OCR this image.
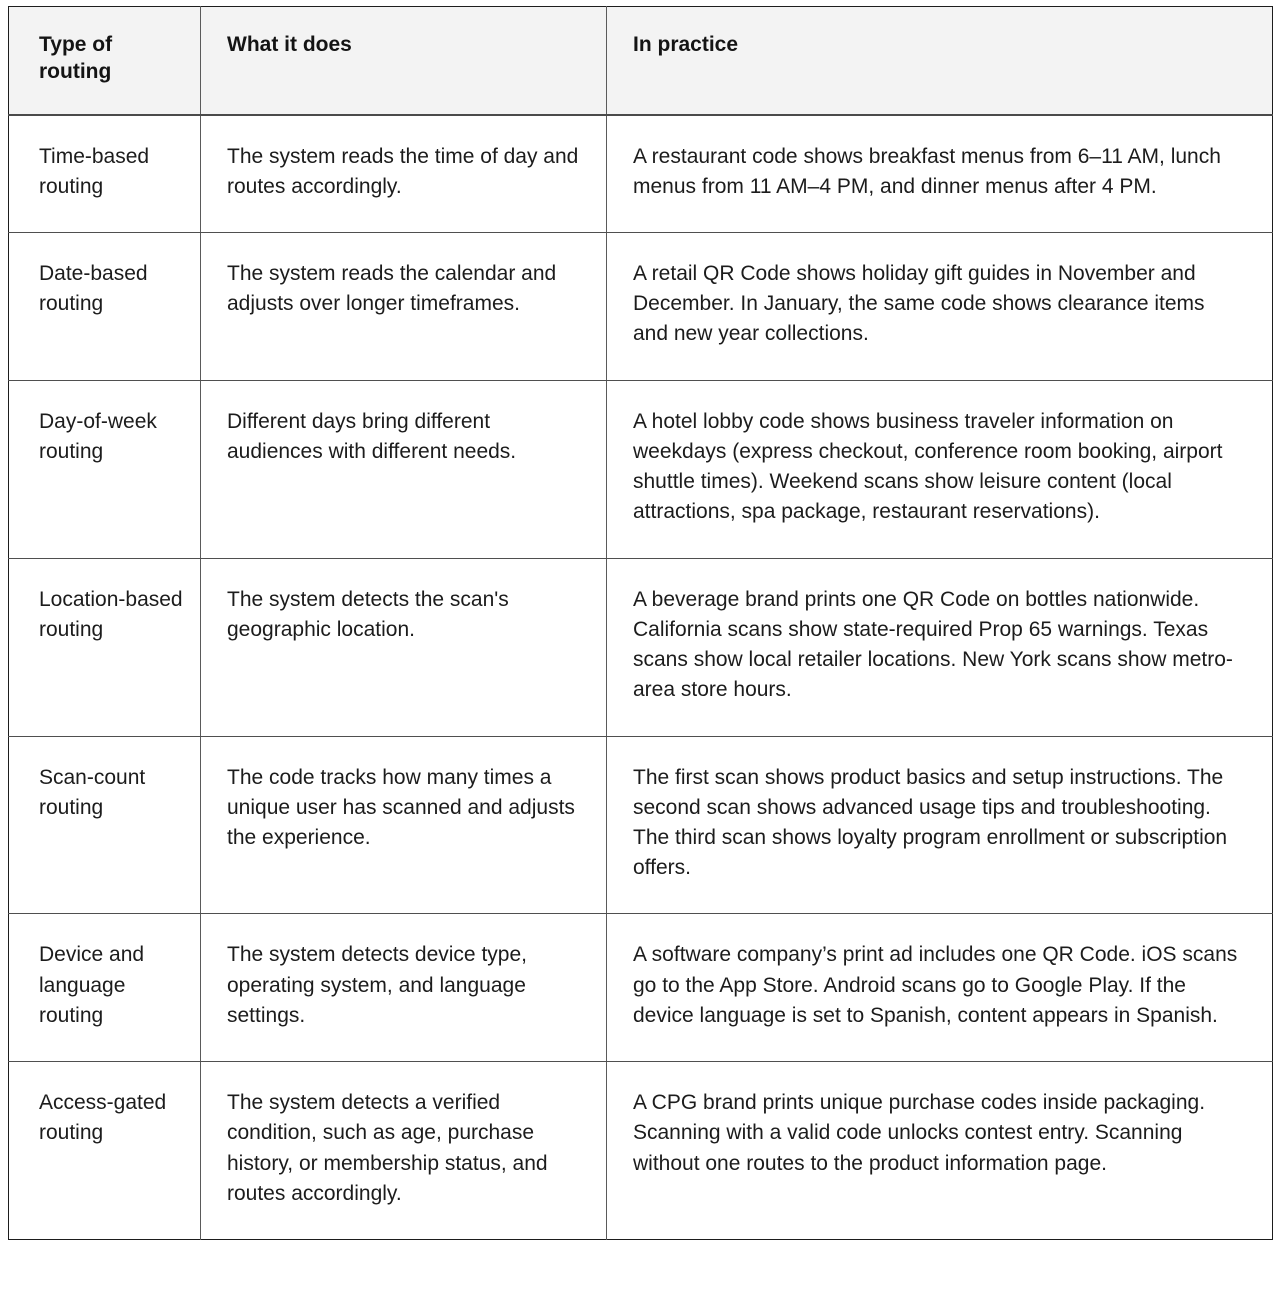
Type of
routing	What it does	In practice
Time-based routing	The system reads the time of day and routes accordingly.	A restaurant code shows breakfast menus from 6–11 AM, lunch menus from 11 AM–4 PM, and dinner menus after 4 PM.
Date-based routing	The system reads the calendar and adjusts over longer timeframes.	A retail QR Code shows holiday gift guides in November and December. In January, the same code shows clearance items and new year collections.
Day-of-week routing	Different days bring different audiences with different needs.	A hotel lobby code shows business traveler information on weekdays (express checkout, conference room booking, airport shuttle times). Weekend scans show leisure content (local attractions, spa package, restaurant reservations).
Location-based routing	The system detects the scan's geographic location.	A beverage brand prints one QR Code on bottles nationwide. California scans show state-required Prop 65 warnings. Texas scans show local retailer locations. New York scans show metro-area store hours.
Scan-count routing	The code tracks how many times a unique user has scanned and adjusts the experience.	The first scan shows product basics and setup instructions. The second scan shows advanced usage tips and troubleshooting. The third scan shows loyalty program enrollment or subscription offers.
Device and language routing	The system detects device type, operating system, and language settings.	A software company’s print ad includes one QR Code. iOS scans go to the App Store. Android scans go to Google Play. If the device language is set to Spanish, content appears in Spanish.
Access-gated routing	The system detects a verified condition, such as age, purchase history, or membership status, and routes accordingly.	A CPG brand prints unique purchase codes inside packaging. Scanning with a valid code unlocks contest entry. Scanning without one routes to the product information page.
